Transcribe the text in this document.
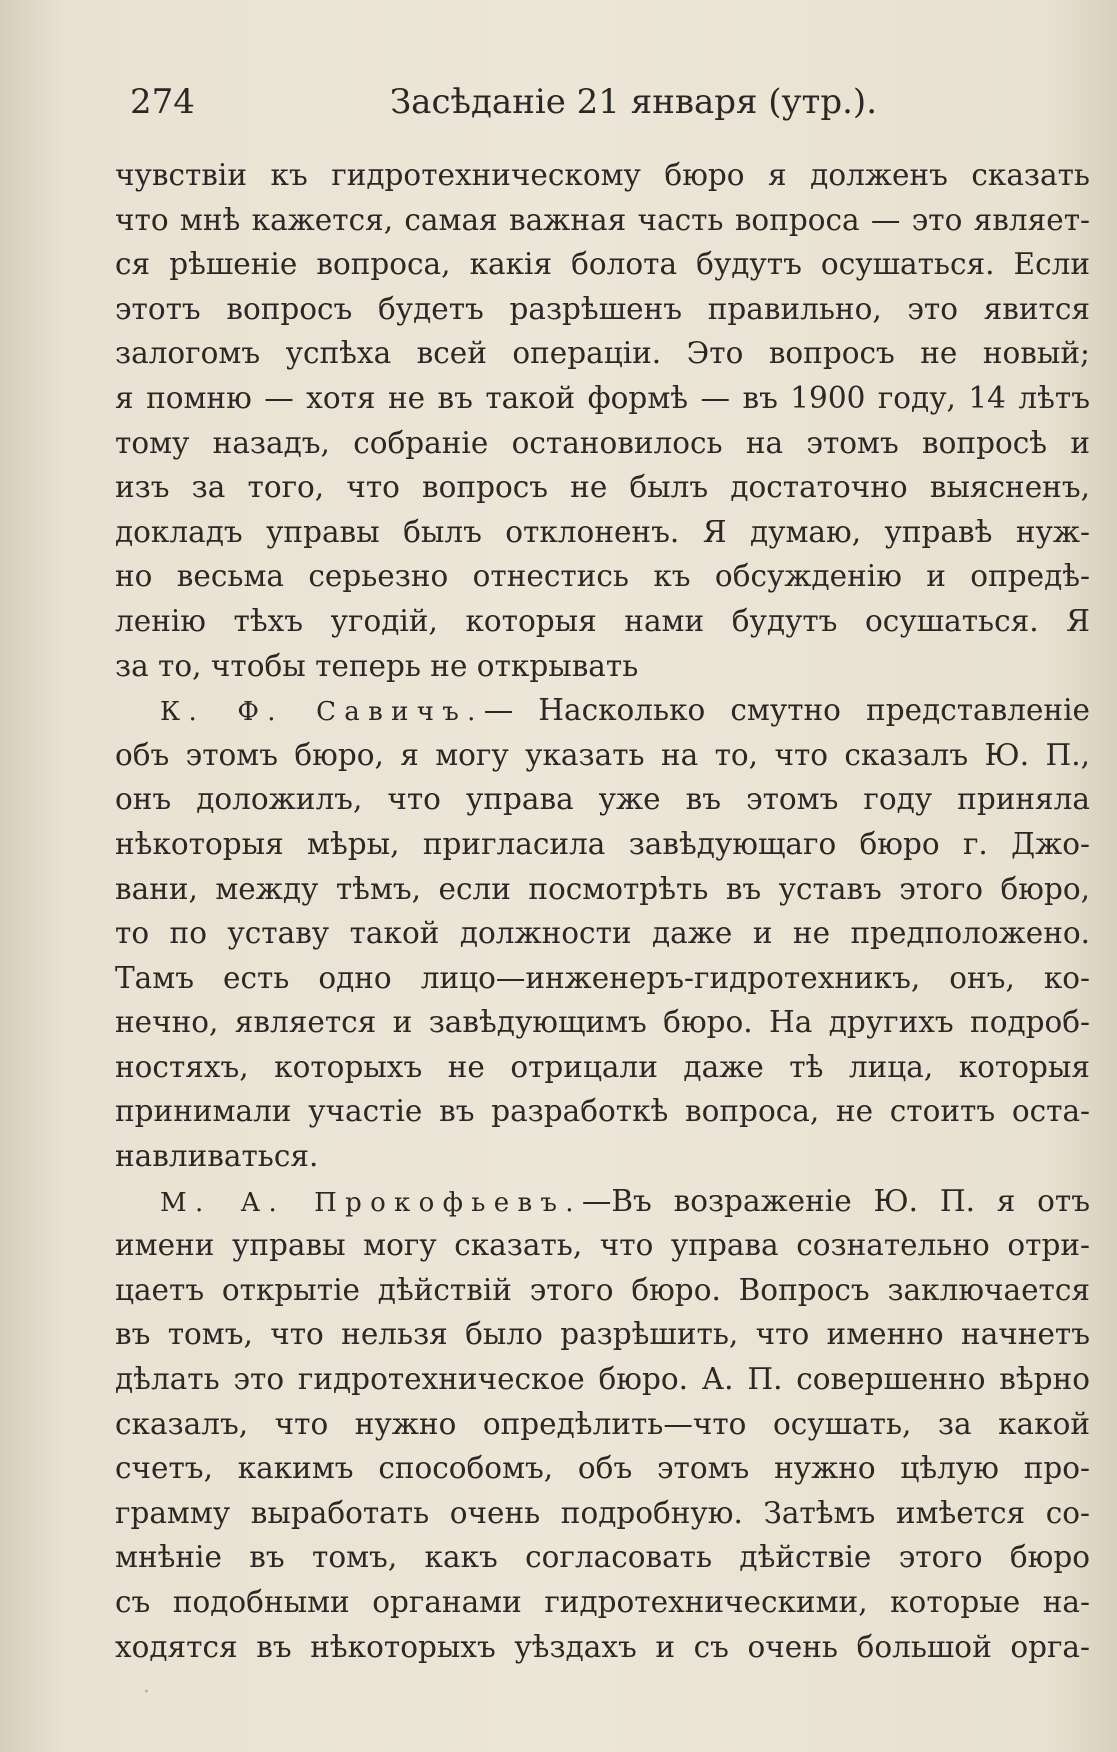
274	Засѣданіе 21 января (утр.).
чувствіи къ гидротехническому бюро я долженъ сказать
что мнѣ кажется, самая важная часть вопроса — это являет-
ся рѣшеніе вопроса, какія болота будутъ осушаться. Если
этотъ вопросъ будетъ разрѣшенъ правильно, это явится
залогомъ успѣха всей операціи. Это вопросъ не новый;
я помню — хотя не въ такой формѣ — въ 1900 году, 14 лѣтъ
тому назадъ, собраніе остановилось на этомъ вопросѣ и
изъ за того, что вопросъ не былъ достаточно выясненъ,
докладъ управы былъ отклоненъ. Я думаю, управѣ нуж-
но весьма серьезно отнестись къ обсужденію и опредѣ-
ленію тѣхъ угодій, которыя нами будутъ осушаться. Я
за то, чтобы теперь не открывать
К. Ф. Савичъ.— Насколько смутно представленіе
объ этомъ бюро, я могу указать на то, что сказалъ Ю. П.,
онъ доложилъ, что управа уже въ этомъ году приняла
нѣкоторыя мѣры, пригласила завѣдующаго бюро г. Джо-
вани, между тѣмъ, если посмотрѣть въ уставъ этого бюро,
то по уставу такой должности даже и не предположено.
Тамъ есть одно лицо—инженеръ-гидротехникъ, онъ, ко-
нечно, является и завѣдующимъ бюро. На другихъ подроб-
ностяхъ, которыхъ не отрицали даже тѣ лица, которыя
принимали участіе въ разработкѣ вопроса, не стоитъ оста-
навливаться.
М. А. Прокофьевъ.—Въ возраженіе Ю. П. я отъ
имени управы могу сказать, что управа сознательно отри-
цаетъ открытіе дѣйствій этого бюро. Вопросъ заключается
въ томъ, что нельзя было разрѣшить, что именно начнетъ
дѣлать это гидротехническое бюро. А. П. совершенно вѣрно
сказалъ, что нужно опредѣлить—что осушать, за какой
счетъ, какимъ способомъ, объ этомъ нужно цѣлую про-
грамму выработать очень подробную. Затѣмъ имѣется со-
мнѣніе въ томъ, какъ согласовать дѣйствіе этого бюро
съ подобными органами гидротехническими, которые на-
ходятся въ нѣкоторыхъ уѣздахъ и съ очень большой орга-
·
